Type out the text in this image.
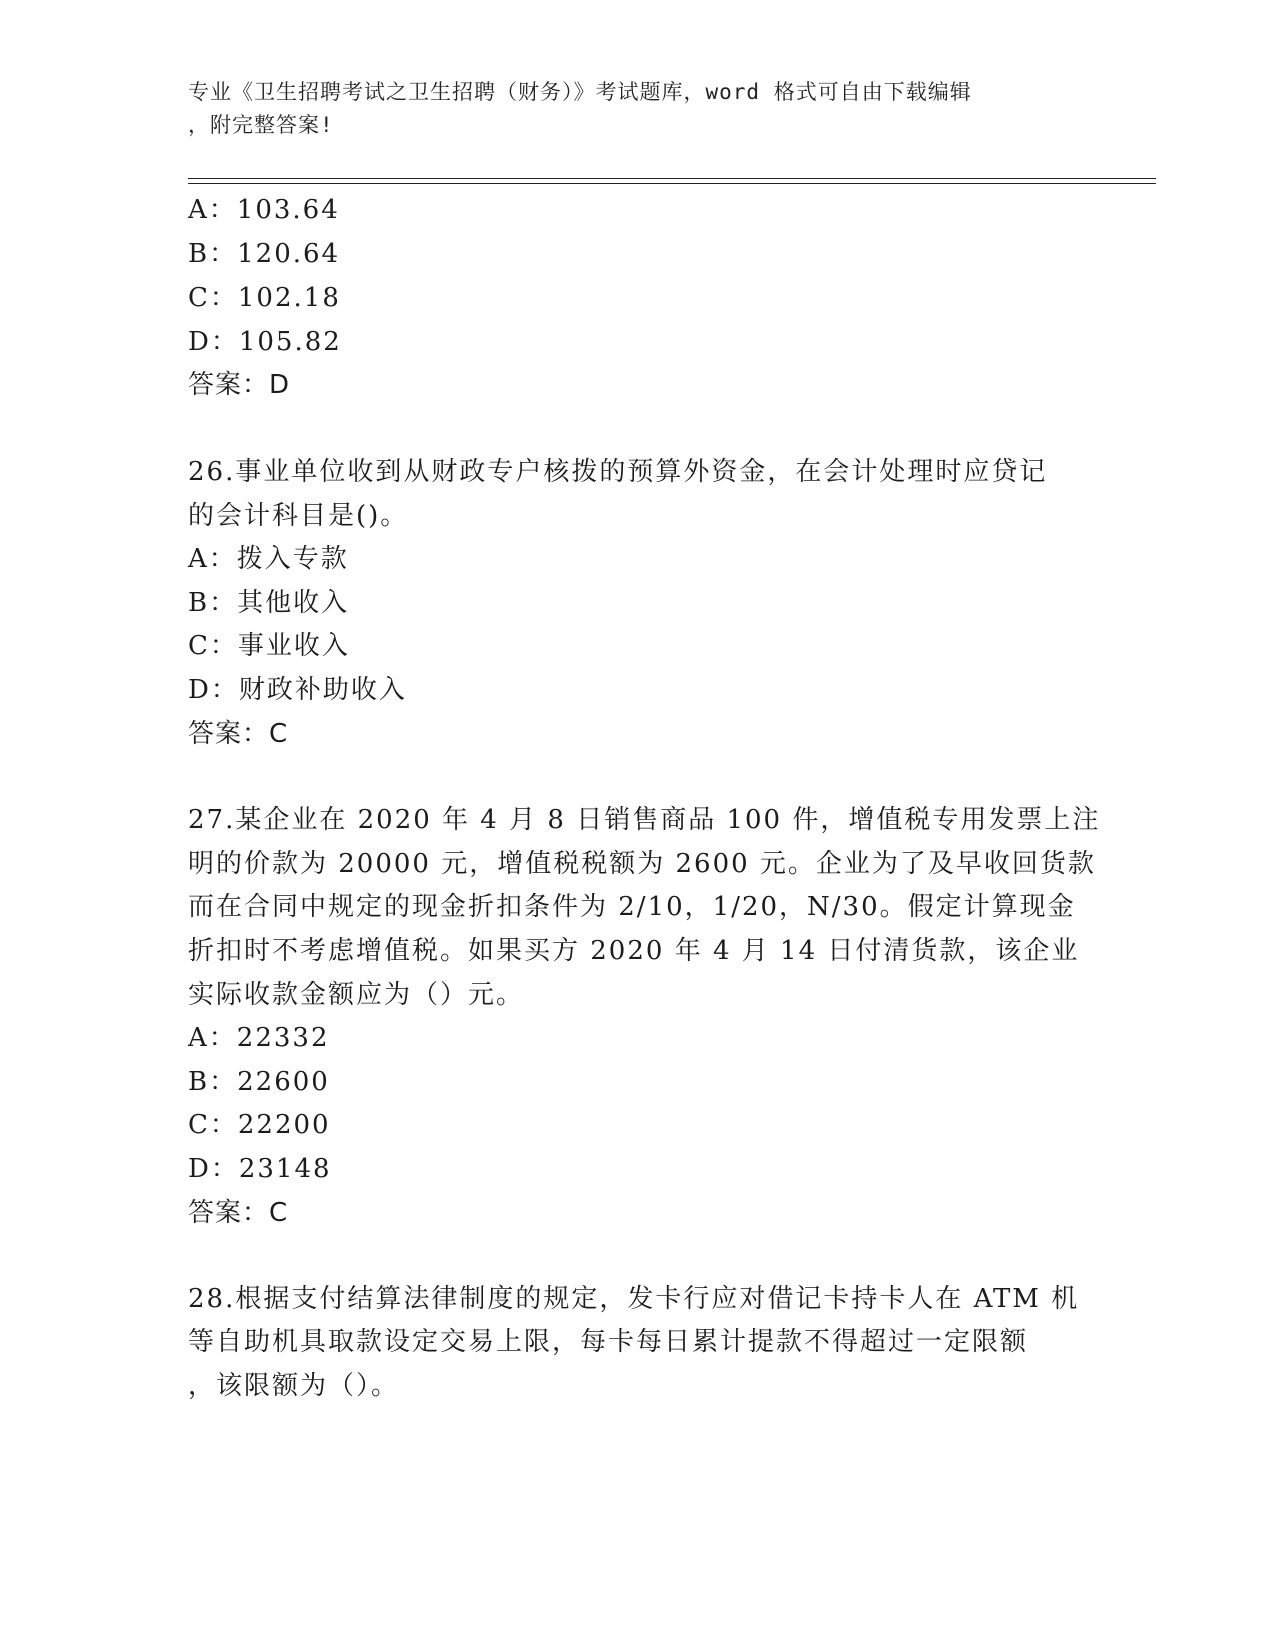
专业《卫生招聘考试之卫生招聘（财务）》考试题库，word 格式可自由下载编辑
，附完整答案!
A：103.64
B：120.64
C：102.18
D：105.82
答案：D
26.事业单位收到从财政专户核拨的预算外资金，在会计处理时应贷记
的会计科目是()。
A：拨入专款
B：其他收入
C：事业收入
D：财政补助收入
答案：C
27.某企业在 2020 年 4 月 8 日销售商品 100 件，增值税专用发票上注
明的价款为 20000 元，增值税税额为 2600 元。企业为了及早收回货款
而在合同中规定的现金折扣条件为 2/10，1/20，N/30。假定计算现金
折扣时不考虑增值税。如果买方 2020 年 4 月 14 日付清货款，该企业
实际收款金额应为（）元。
A：22332
B：22600
C：22200
D：23148
答案：C
28.根据支付结算法律制度的规定，发卡行应对借记卡持卡人在 ATM 机
等自助机具取款设定交易上限，每卡每日累计提款不得超过一定限额
，该限额为（）。
